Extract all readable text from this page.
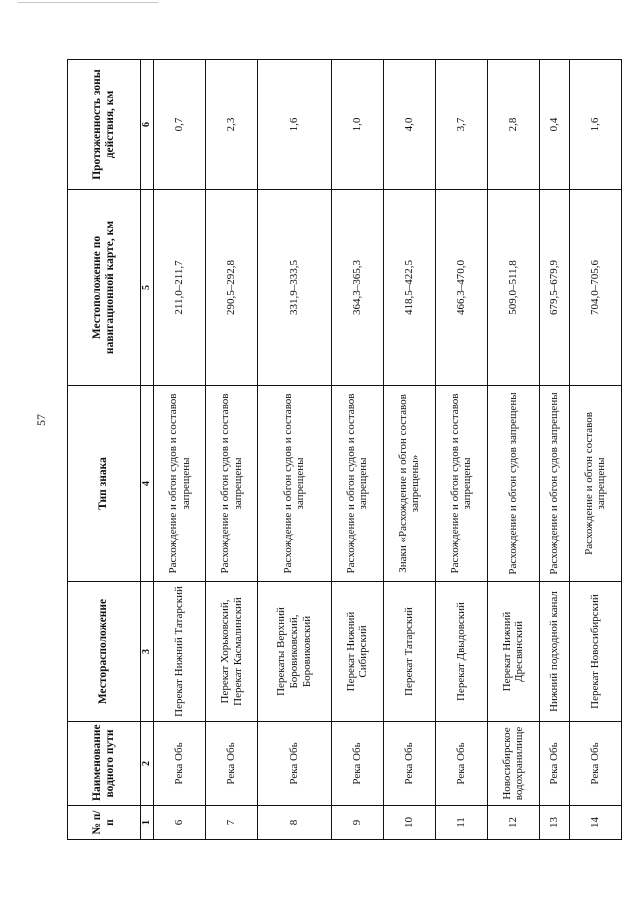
57
№ п/п	Наименование водного пути	Месторасположение	Тип знака	Местоположение по навигационной карте, км	Протяженность зоны действия, км
1	2	3	4	5	6
6	Река Обь	Перекат Нижний Татарский	Расхождение и обгон судов и составов запрещены	211,0–211,7	0,7
7	Река Обь	Перекат Хорьковский, Перекат Касмалинский	Расхождение и обгон судов и составов запрещены	290,5–292,8	2,3
8	Река Обь	Перекаты Верхний Боровиковский, Боровиковский	Расхождение и обгон судов и составов запрещены	331,9–333,5	1,6
9	Река Обь	Перекат Нижний Сибирский	Расхождение и обгон судов и составов запрещены	364,3–365,3	1,0
10	Река Обь	Перекат Татарский	Знаки «Расхождение и обгон составов запрещены»	418,5–422,5	4,0
11	Река Обь	Перекат Двыдовский	Расхождение и обгон судов и составов запрещены	466,3–470,0	3,7
12	Новосибирское водохранилище	Перекат Нижний Дресвянский	Расхождение и обгон судов запрещены	509,0–511,8	2,8
13	Река Обь	Нижний подходной канал	Расхождение и обгон судов запрещены	679,5–679,9	0,4
14	Река Обь	Перекат Новосибирский	Расхождение и обгон составов запрещены	704,0–705,6	1,6
